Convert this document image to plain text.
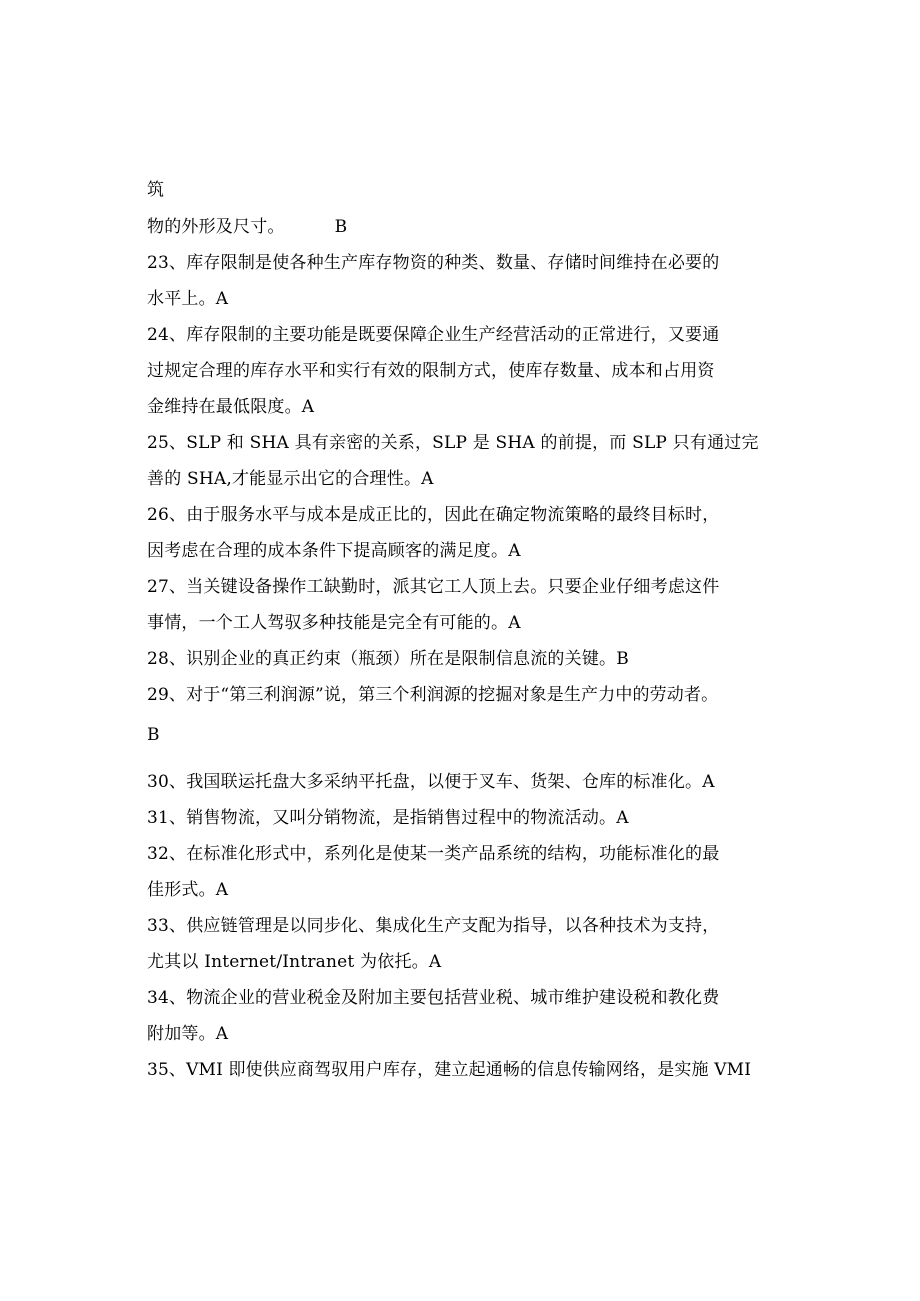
筑
物的外形及尺寸。	B
23、库存限制是使各种生产库存物资的种类、数量、存储时间维持在必要的
水平上。A
24、库存限制的主要功能是既要保障企业生产经营活动的正常进行，又要通
过规定合理的库存水平和实行有效的限制方式，使库存数量、成本和占用资
金维持在最低限度。A
25、SLP 和 SHA 具有亲密的关系，SLP 是 SHA 的前提，而 SLP 只有通过完
善的 SHA,才能显示出它的合理性。A
26、由于服务水平与成本是成正比的，因此在确定物流策略的最终目标时，
因考虑在合理的成本条件下提高顾客的满足度。A
27、当关键设备操作工缺勤时，派其它工人顶上去。只要企业仔细考虑这件
事情，一个工人驾驭多种技能是完全有可能的。A
28、识别企业的真正约束（瓶颈）所在是限制信息流的关键。B
29、对于“第三利润源”说，第三个利润源的挖掘对象是生产力中的劳动者。
B
30、我国联运托盘大多采纳平托盘，以便于叉车、货架、仓库的标准化。A
31、销售物流，又叫分销物流，是指销售过程中的物流活动。A
32、在标准化形式中，系列化是使某一类产品系统的结构，功能标准化的最
佳形式。A
33、供应链管理是以同步化、集成化生产支配为指导，以各种技术为支持，
尤其以 Internet/Intranet 为依托。A
34、物流企业的营业税金及附加主要包括营业税、城市维护建设税和教化费
附加等。A
35、VMI 即使供应商驾驭用户库存，建立起通畅的信息传输网络，是实施 VMI
